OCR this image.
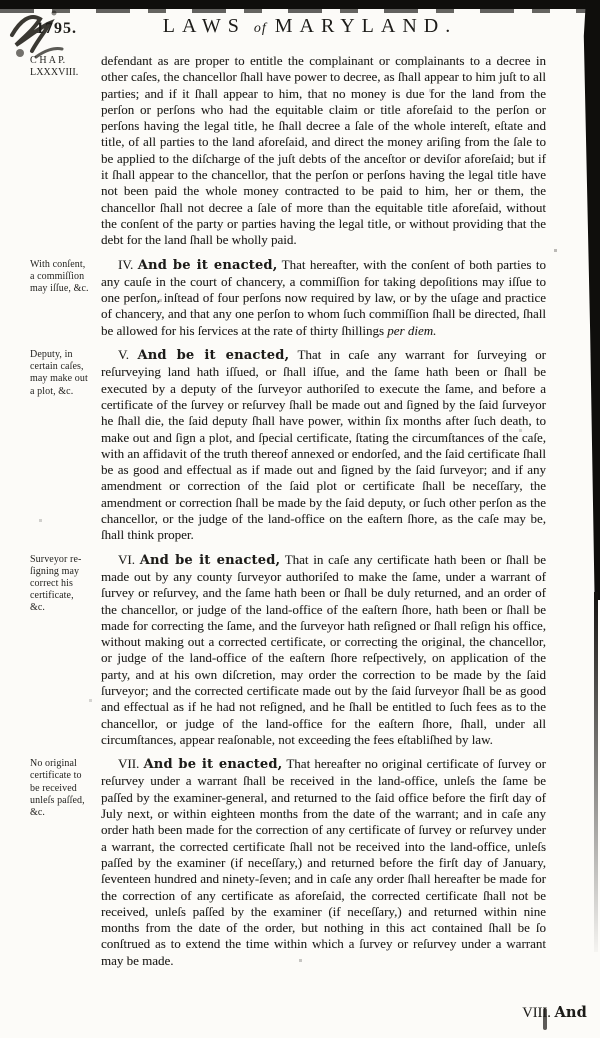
1795.	LAWS of MARYLAND.
C H A P.
LXXXVIII.
defendant as are proper to entitle the complainant or complainants to a decree in other caſes, the chancellor ſhall have power to decree, as ſhall appear to him juſt to all parties; and if it ſhall appear to him, that no money is due for the land from the perſon or perſons who had the equitable claim or title aforeſaid to the perſon or perſons having the legal title, he ſhall decree a ſale of the whole intereſt, eſtate and title, of all parties to the land aforeſaid, and direct the money ariſing from the ſale to be applied to the diſcharge of the juſt debts of the anceſtor or deviſor aforeſaid; but if it ſhall appear to the chancellor, that the perſon or perſons having the legal title have not been paid the whole money contracted to be paid to him, her or them, the chancellor ſhall not decree a ſale of more than the equitable title aforeſaid, without the conſent of the party or parties having the legal title, or without providing that the debt for the land ſhall be wholly paid.
With conſent,
a commiſſion
may iſſue, &c.
IV. And be it enacted, That hereafter, with the conſent of both parties to any cauſe in the court of chancery, a commiſſion for taking depoſitions may iſſue to one perſon, inſtead of four perſons now required by law, or by the uſage and practice of chancery, and that any one perſon to whom ſuch commiſſion ſhall be directed, ſhall be allowed for his ſervices at the rate of thirty ſhillings per diem.
Deputy, in
certain caſes,
may make out
a plot, &c.
V. And be it enacted, That in caſe any warrant for ſurveying or reſurveying land hath iſſued, or ſhall iſſue, and the ſame hath been or ſhall be executed by a deputy of the ſurveyor authoriſed to execute the ſame, and before a certificate of the ſurvey or reſurvey ſhall be made out and ſigned by the ſaid ſurveyor he ſhall die, the ſaid deputy ſhall have power, within ſix months after ſuch death, to make out and ſign a plot, and ſpecial certificate, ſtating the circumſtances of the caſe, with an affidavit of the truth thereof annexed or endorſed, and the ſaid certificate ſhall be as good and effectual as if made out and ſigned by the ſaid ſurveyor; and if any amendment or correction of the ſaid plot or certificate ſhall be neceſſary, the amendment or correction ſhall be made by the ſaid deputy, or ſuch other perſon as the chancellor, or the judge of the land-office on the eaſtern ſhore, as the caſe may be, ſhall think proper.
Surveyor re-
ſigning may
correct his
certificate,
&c.
VI. And be it enacted, That in caſe any certificate hath been or ſhall be made out by any county ſurveyor authoriſed to make the ſame, under a warrant of ſurvey or reſurvey, and the ſame hath been or ſhall be duly returned, and an order of the chancellor, or judge of the land-office of the eaſtern ſhore, hath been or ſhall be made for correcting the ſame, and the ſurveyor hath reſigned or ſhall reſign his office, without making out a corrected certificate, or correcting the original, the chancellor, or judge of the land-office of the eaſtern ſhore reſpectively, on application of the party, and at his own diſcretion, may order the correction to be made by the ſaid ſurveyor; and the corrected certificate made out by the ſaid ſurveyor ſhall be as good and effectual as if he had not reſigned, and he ſhall be entitled to ſuch fees as to the chancellor, or judge of the land-office for the eaſtern ſhore, ſhall, under all circumſtances, appear reaſonable, not exceeding the fees eſtabliſhed by law.
No original
certificate to
be received
unleſs paſſed,
&c.
VII. And be it enacted, That hereafter no original certificate of ſurvey or reſurvey under a warrant ſhall be received in the land-office, unleſs the ſame be paſſed by the examiner-general, and returned to the ſaid office before the firſt day of July next, or within eighteen months from the date of the warrant; and in caſe any order hath been made for the correction of any certificate of ſurvey or reſurvey under a warrant, the corrected certificate ſhall not be received into the land-office, unleſs paſſed by the examiner (if neceſſary,) and returned before the firſt day of January, ſeventeen hundred and ninety-ſeven; and in caſe any order ſhall hereafter be made for the correction of any certificate as aforeſaid, the corrected certificate ſhall not be received, unleſs paſſed by the examiner (if neceſſary,) and returned within nine months from the date of the order, but nothing in this act contained ſhall be ſo conſtrued as to extend the time within which a ſurvey or reſurvey under a warrant may be made.
VIII. And
